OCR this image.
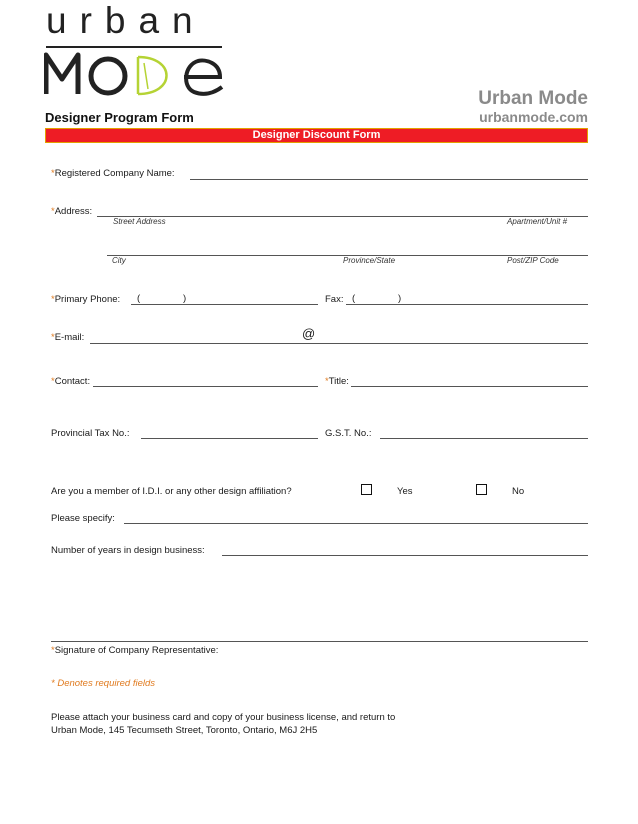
urban
Designer Program Form
Urban Mode
urbanmode.com
Designer Discount Form
*Registered Company Name:
*Address:
Street Address	Apartment/Unit #
City	Province/State	Post/ZIP Code
*Primary Phone: (	)	Fax: (	)
*E-mail:	@
*Contact:	*Title:
Provincial Tax No.:	G.S.T. No.:
Are you a member of I.D.I. or any other design affiliation?	Yes	No
Please specify:
Number of years in design business:
*Signature of Company Representative:
* Denotes required fields
Please attach your business card and copy of your business license, and return to
Urban Mode, 145 Tecumseth Street, Toronto, Ontario, M6J 2H5
